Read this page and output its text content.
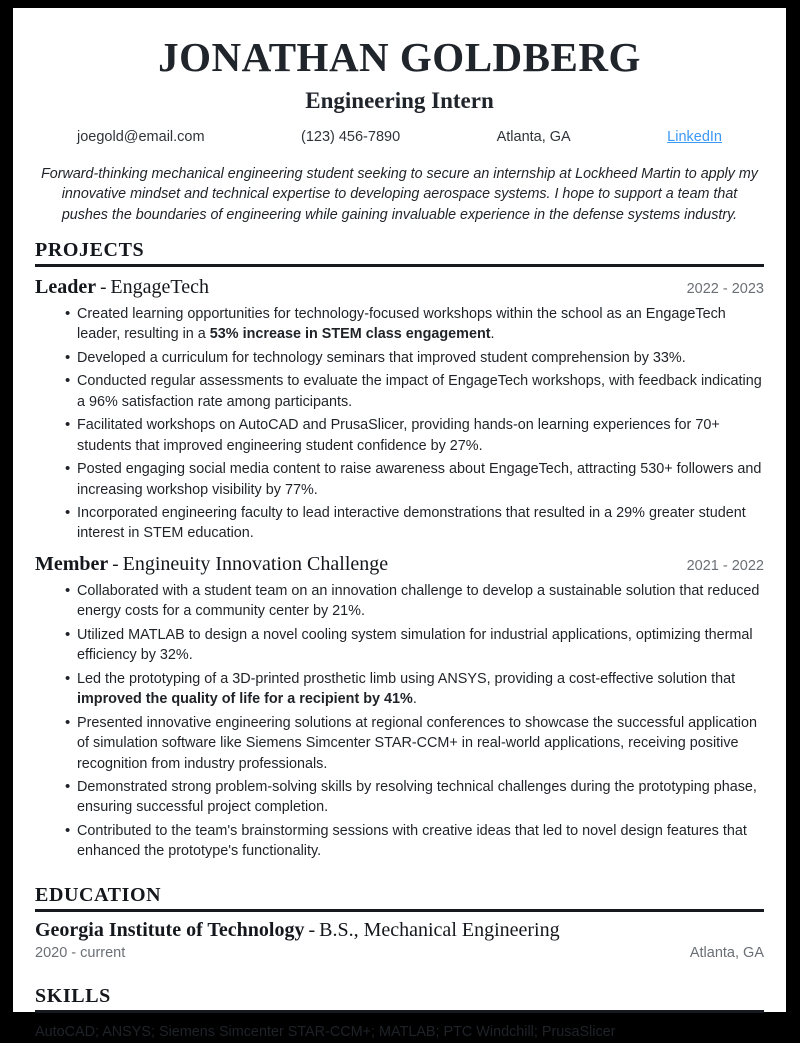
JONATHAN GOLDBERG
Engineering Intern
joegold@email.com	(123) 456-7890	Atlanta, GA	LinkedIn
Forward-thinking mechanical engineering student seeking to secure an internship at Lockheed Martin to apply my innovative mindset and technical expertise to developing aerospace systems. I hope to support a team that pushes the boundaries of engineering while gaining invaluable experience in the defense systems industry.
PROJECTS
Leader - EngageTech	2022 - 2023
• Created learning opportunities for technology-focused workshops within the school as an EngageTech leader, resulting in a 53% increase in STEM class engagement.
• Developed a curriculum for technology seminars that improved student comprehension by 33%.
• Conducted regular assessments to evaluate the impact of EngageTech workshops, with feedback indicating a 96% satisfaction rate among participants.
• Facilitated workshops on AutoCAD and PrusaSlicer, providing hands-on learning experiences for 70+ students that improved engineering student confidence by 27%.
• Posted engaging social media content to raise awareness about EngageTech, attracting 530+ followers and increasing workshop visibility by 77%.
• Incorporated engineering faculty to lead interactive demonstrations that resulted in a 29% greater student interest in STEM education.
Member - Engineuity Innovation Challenge	2021 - 2022
• Collaborated with a student team on an innovation challenge to develop a sustainable solution that reduced energy costs for a community center by 21%.
• Utilized MATLAB to design a novel cooling system simulation for industrial applications, optimizing thermal efficiency by 32%.
• Led the prototyping of a 3D-printed prosthetic limb using ANSYS, providing a cost-effective solution that improved the quality of life for a recipient by 41%.
• Presented innovative engineering solutions at regional conferences to showcase the successful application of simulation software like Siemens Simcenter STAR-CCM+ in real-world applications, receiving positive recognition from industry professionals.
• Demonstrated strong problem-solving skills by resolving technical challenges during the prototyping phase, ensuring successful project completion.
• Contributed to the team's brainstorming sessions with creative ideas that led to novel design features that enhanced the prototype's functionality.
EDUCATION
Georgia Institute of Technology - B.S., Mechanical Engineering
2020 - current	Atlanta, GA
SKILLS
AutoCAD; ANSYS; Siemens Simcenter STAR-CCM+; MATLAB; PTC Windchill; PrusaSlicer
